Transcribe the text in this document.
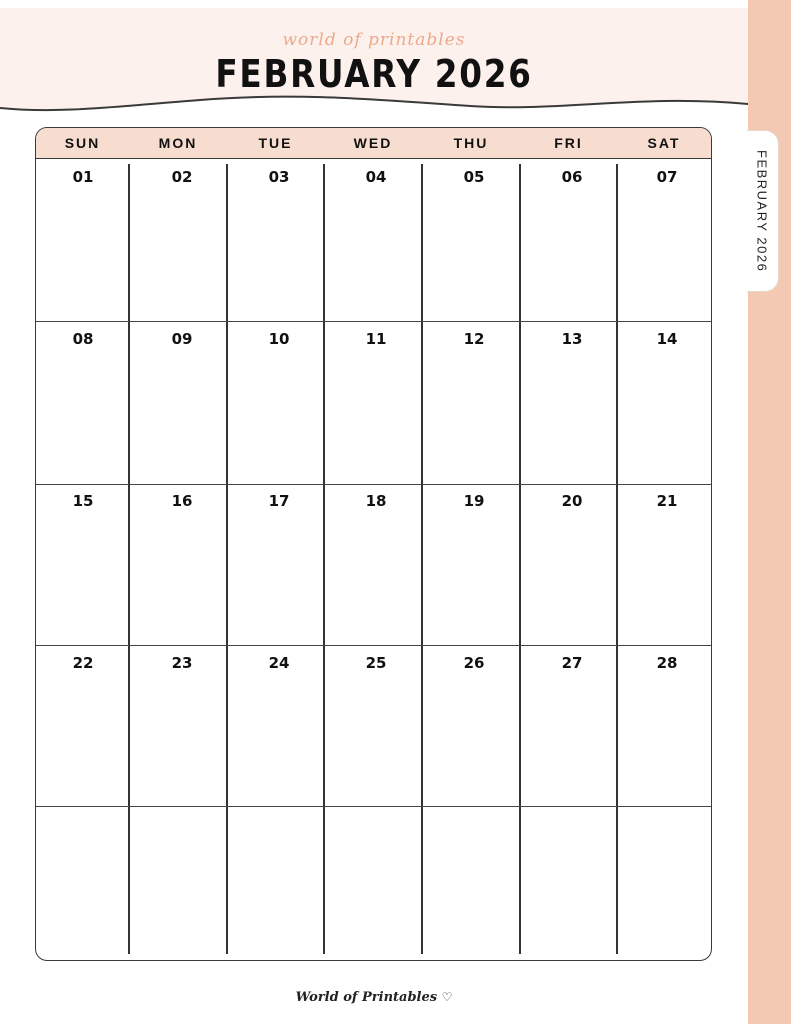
world of printables
FEBRUARY 2026
SUN	MON	TUE	WED	THU	FRI	SAT
01	02	03	04	05	06	07
08	09	10	11	12	13	14
15	16	17	18	19	20	21
22	23	24	25	26	27	28
World of Printables ♡
FEBRUARY 2026
